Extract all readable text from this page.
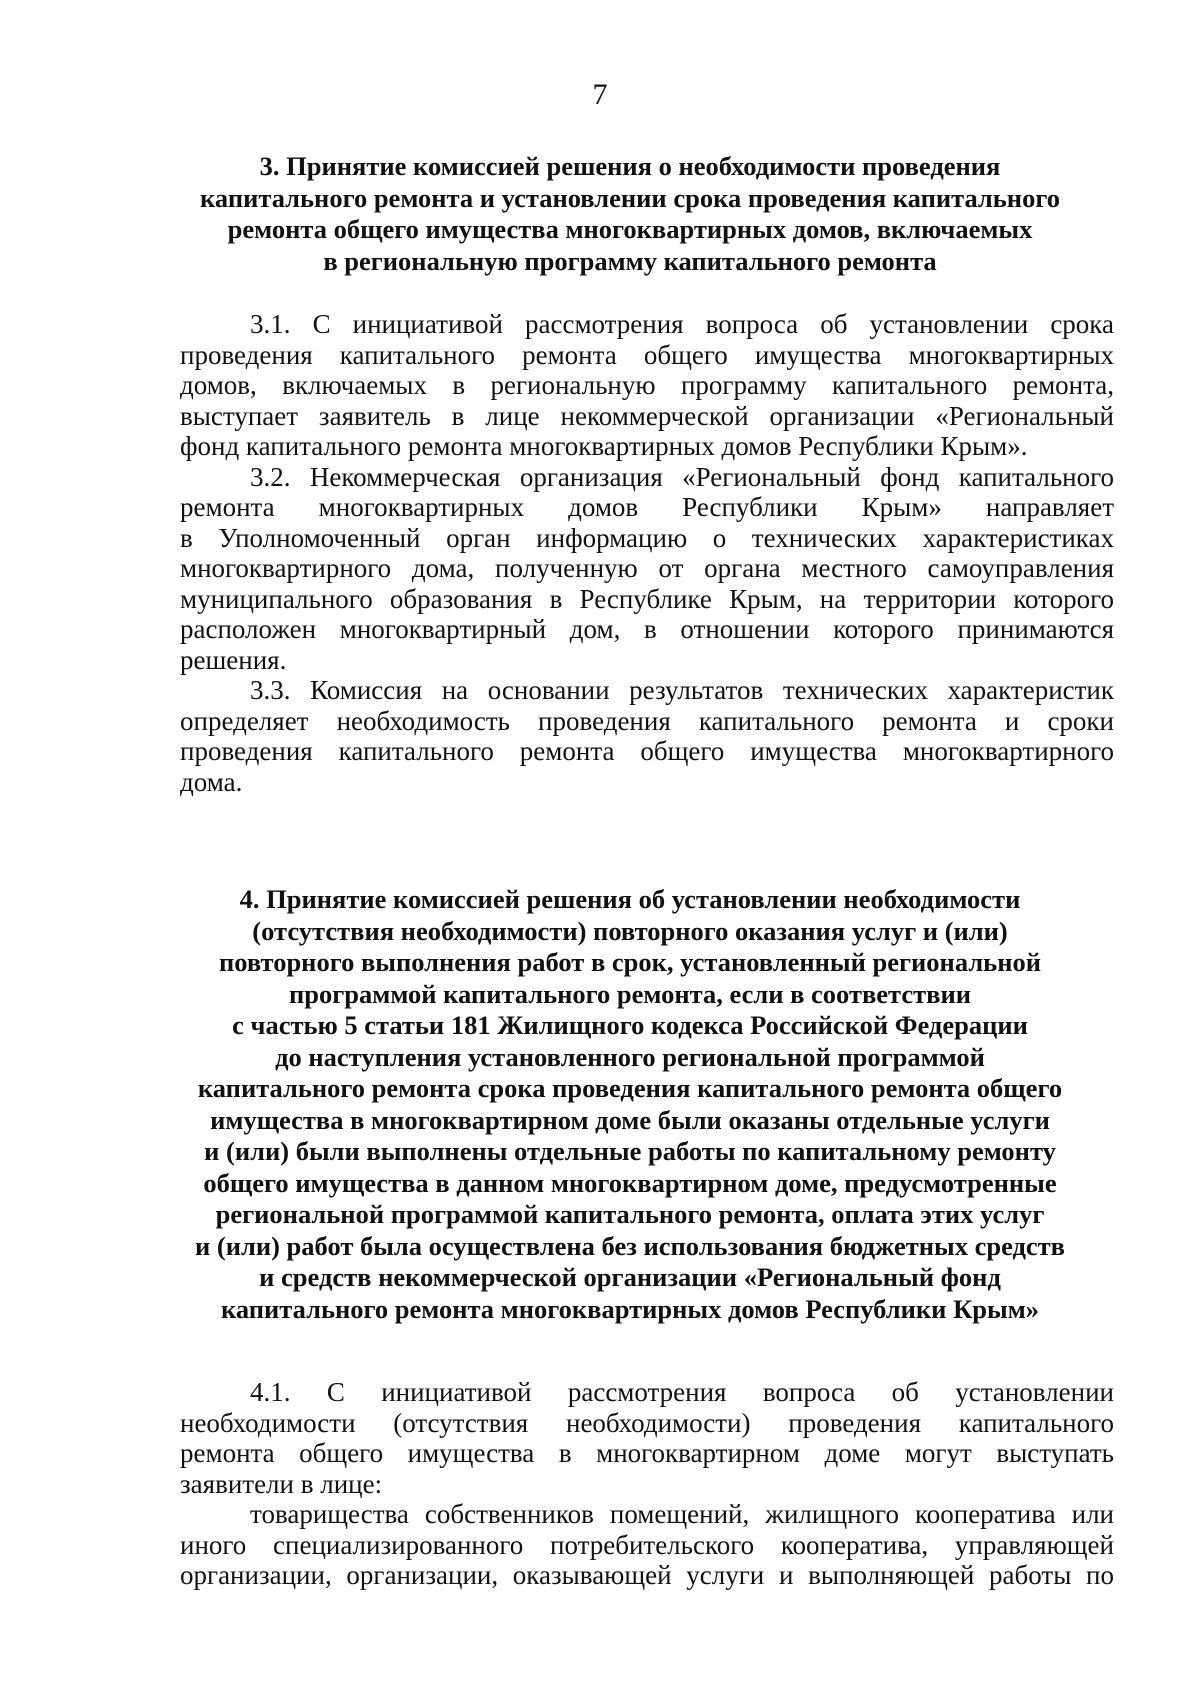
7
3. Принятие комиссией решения о необходимости проведения
капитального ремонта и установлении срока проведения капитального
ремонта общего имущества многоквартирных домов, включаемых
в региональную программу капитального ремонта

3.1. С инициативой рассмотрения вопроса об установлении срока
проведения капитального ремонта общего имущества многоквартирных
домов, включаемых в региональную программу капитального ремонта,
выступает заявитель в лице некоммерческой организации «Региональный
фонд капитального ремонта многоквартирных домов Республики Крым».

3.2. Некоммерческая организация «Региональный фонд капитального
ремонта многоквартирных домов Республики Крым» направляет
в Уполномоченный орган информацию о технических характеристиках
многоквартирного дома, полученную от органа местного самоуправления
муниципального образования в Республике Крым, на территории которого
расположен многоквартирный дом, в отношении которого принимаются
решения.

3.3. Комиссия на основании результатов технических характеристик
определяет необходимость проведения капитального ремонта и сроки
проведения капитального ремонта общего имущества многоквартирного
дома.

4. Принятие комиссией решения об установлении необходимости
(отсутствия необходимости) повторного оказания услуг и (или)
повторного выполнения работ в срок, установленный региональной
программой капитального ремонта, если в соответствии
с частью 5 статьи 181 Жилищного кодекса Российской Федерации
до наступления установленного региональной программой
капитального ремонта срока проведения капитального ремонта общего
имущества в многоквартирном доме были оказаны отдельные услуги
и (или) были выполнены отдельные работы по капитальному ремонту
общего имущества в данном многоквартирном доме, предусмотренные
региональной программой капитального ремонта, оплата этих услуг
и (или) работ была осуществлена без использования бюджетных средств
и средств некоммерческой организации «Региональный фонд
капитального ремонта многоквартирных домов Республики Крым»

4.1. С инициативой рассмотрения вопроса об установлении
необходимости (отсутствия необходимости) проведения капитального
ремонта общего имущества в многоквартирном доме могут выступать
заявители в лице:

товарищества собственников помещений, жилищного кооператива или
иного специализированного потребительского кооператива, управляющей
организации, организации, оказывающей услуги и выполняющей работы по
